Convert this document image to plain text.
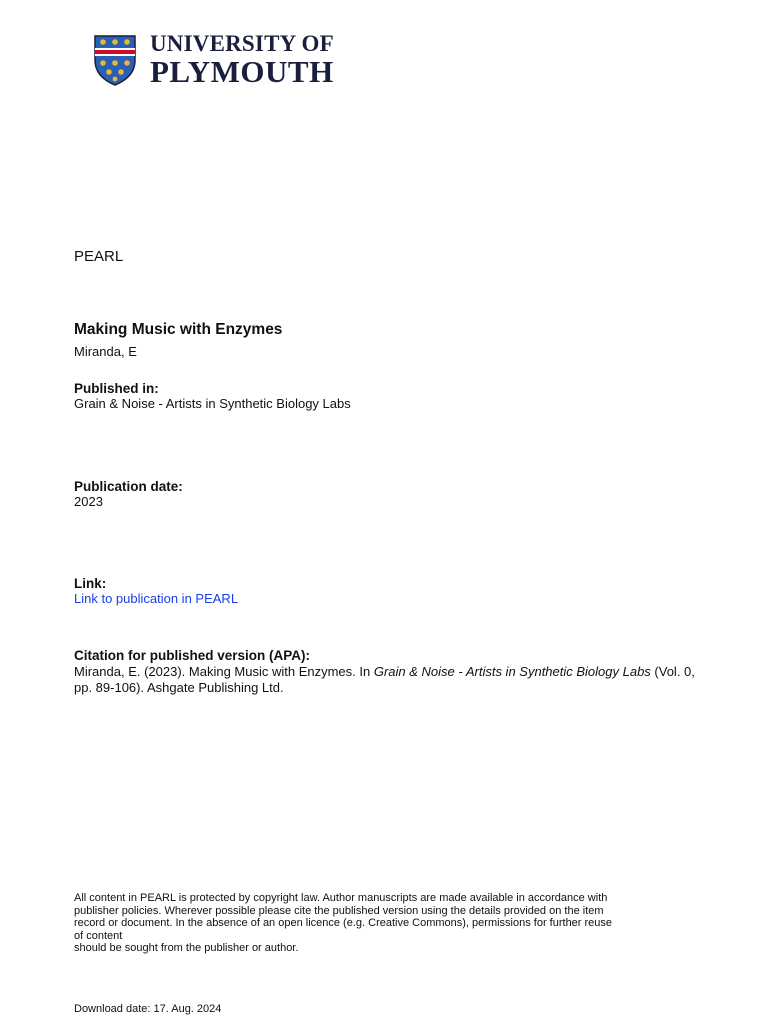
UNIVERSITY OF
PLYMOUTH
PEARL
Making Music with Enzymes
Miranda, E
Published in:
Grain & Noise - Artists in Synthetic Biology Labs
Publication date:
2023
Link:
Link to publication in PEARL
Citation for published version (APA):
Miranda, E. (2023). Making Music with Enzymes. In Grain & Noise - Artists in Synthetic Biology Labs (Vol. 0, pp. 89-106). Ashgate Publishing Ltd.
All content in PEARL is protected by copyright law. Author manuscripts are made available in accordance with
publisher policies. Wherever possible please cite the published version using the details provided on the item
record or document. In the absence of an open licence (e.g. Creative Commons), permissions for further reuse
of content
should be sought from the publisher or author.
Download date: 17. Aug. 2024
